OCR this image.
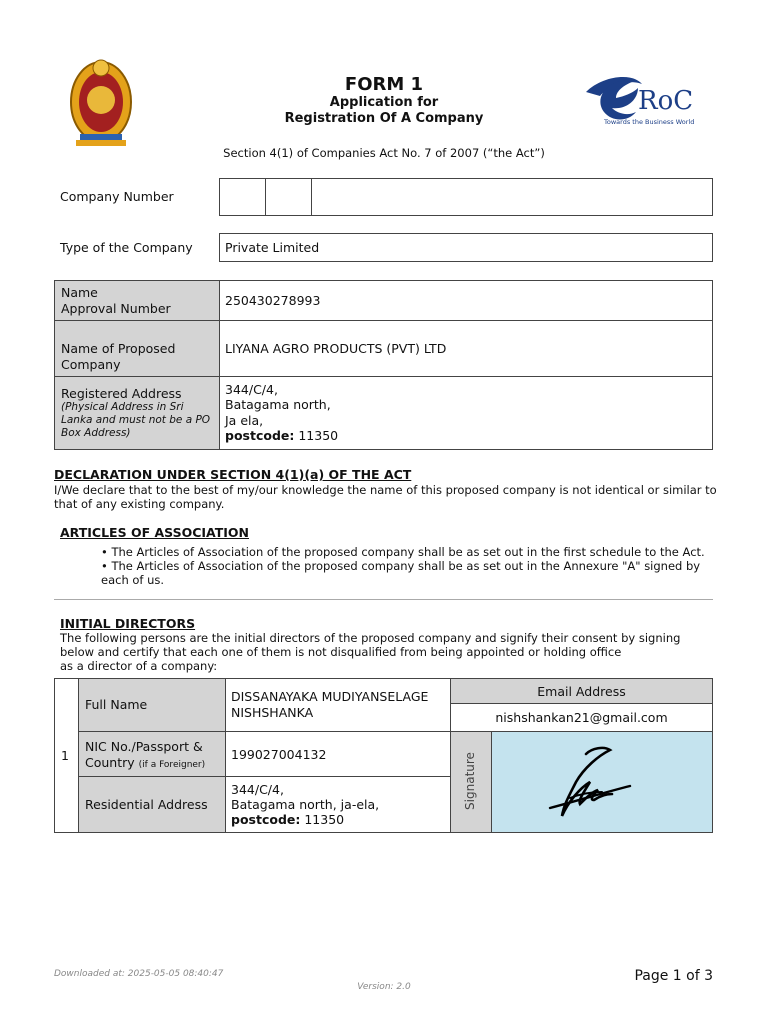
RoC
Towards the Business World
FORM 1
Application for
Registration Of A Company
Section 4(1) of Companies Act No. 7 of 2007 (“the Act”)
Company Number
Type of the Company	Private Limited
Name
Approval Number
250430278993
Name of Proposed
Company
LIYANA AGRO PRODUCTS (PVT) LTD
Registered Address
(Physical Address in Sri
Lanka and must not be a PO
Box Address)
344/C/4,
Batagama north,
Ja ela,
postcode: 11350
DECLARATION UNDER SECTION 4(1)(a) OF THE ACT
I/We declare that to the best of my/our knowledge the name of this proposed company is not identical or similar to
that of any existing company.
ARTICLES OF ASSOCIATION
• The Articles of Association of the proposed company shall be as set out in the first schedule to the Act.
• The Articles of Association of the proposed company shall be as set out in the Annexure "A" signed by
each of us.
INITIAL DIRECTORS
The following persons are the initial directors of the proposed company and signify their consent by signing
below and certify that each one of them is not disqualified from being appointed or holding office
as a director of a company:
1
Full Name
DISSANAYAKA MUDIYANSELAGE
NISHSHANKA
Email Address
nishshankan21@gmail.com
NIC No./Passport &
Country (if a Foreigner)
199027004132
Residential Address
344/C/4,
Batagama north, ja-ela,
postcode: 11350
Signature
Downloaded at: 2025-05-05 08:40:47	Page 1 of 3
Version: 2.0
